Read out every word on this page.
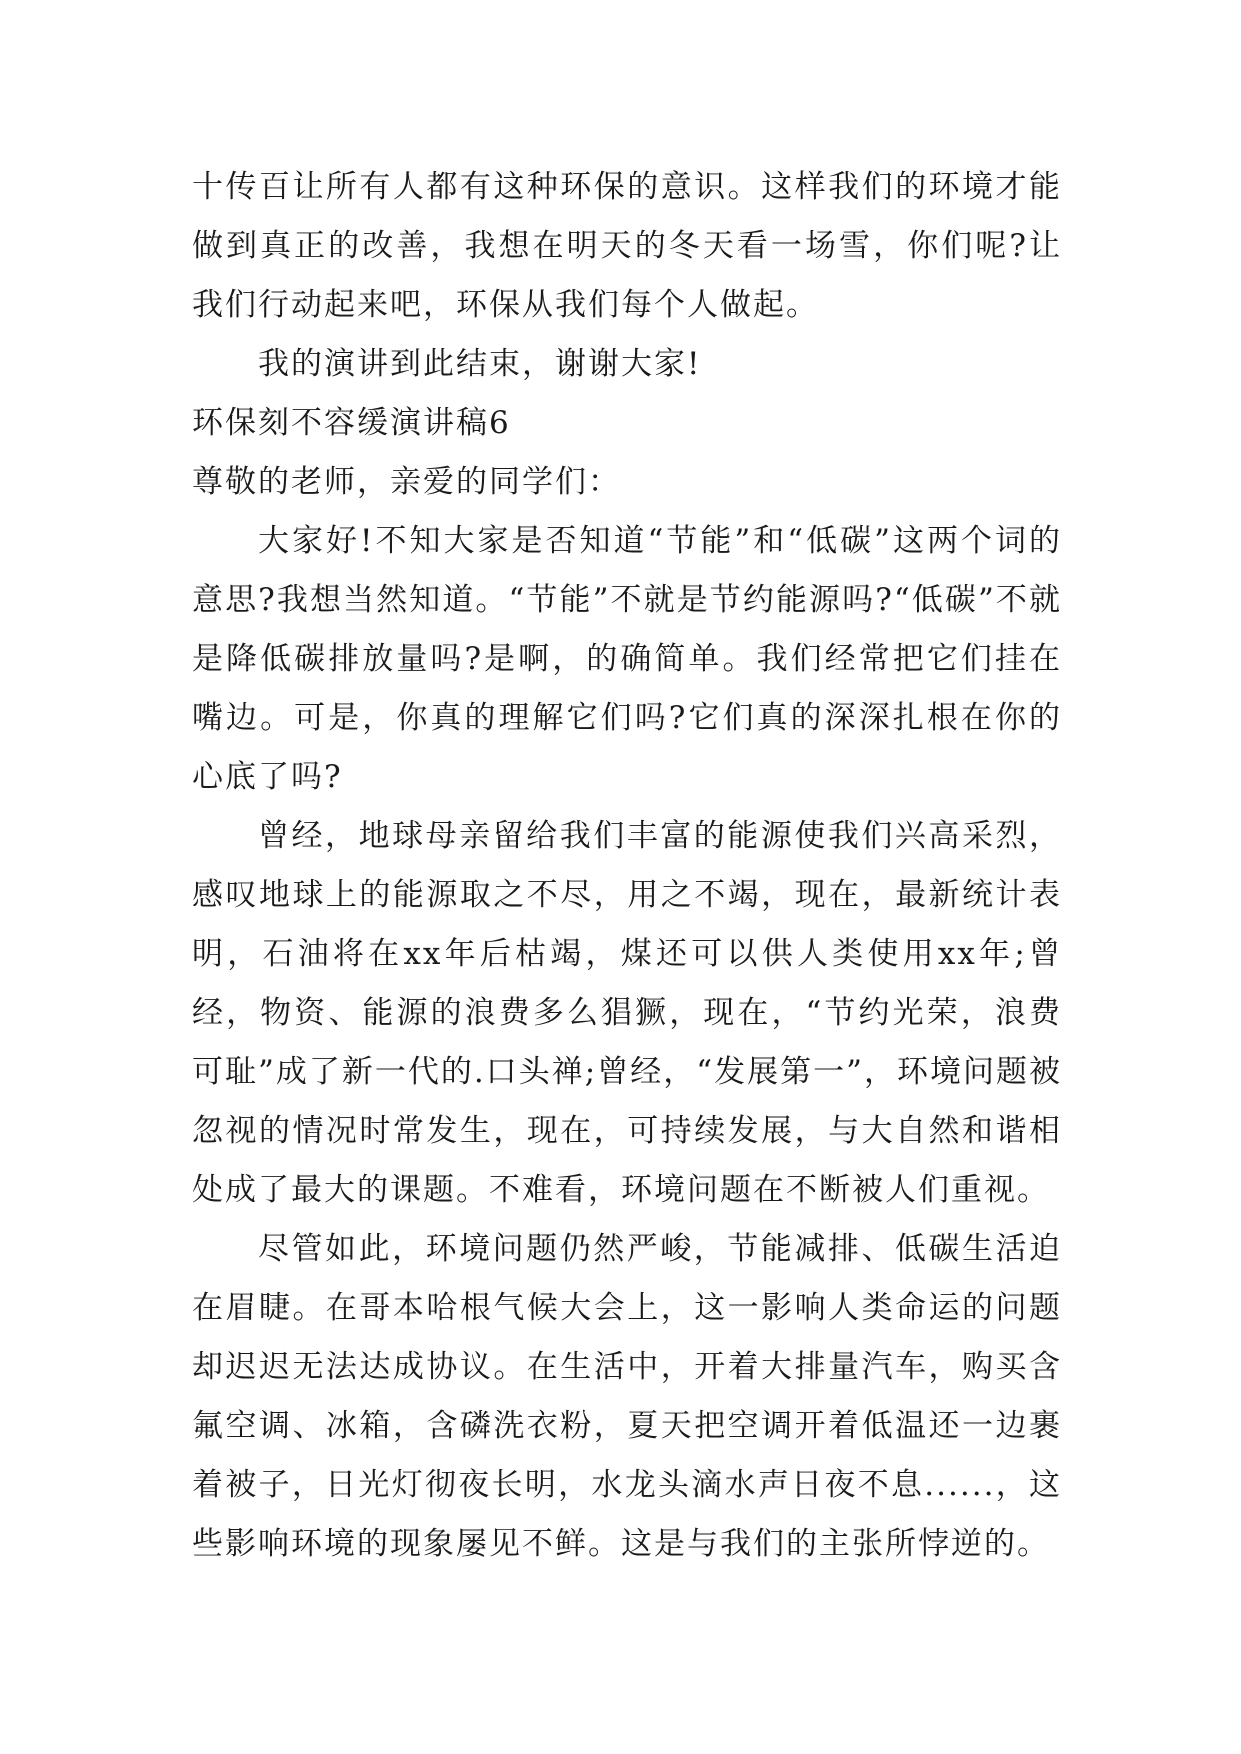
十传百让所有人都有这种环保的意识。这样我们的环境才能做到真正的改善，我想在明天的冬天看一场雪，你们呢?让我们行动起来吧，环保从我们每个人做起。

我的演讲到此结束，谢谢大家!

环保刻不容缓演讲稿6

尊敬的老师，亲爱的同学们：

大家好!不知大家是否知道“节能”和“低碳”这两个词的意思?我想当然知道。“节能”不就是节约能源吗?“低碳”不就是降低碳排放量吗?是啊，的确简单。我们经常把它们挂在嘴边。可是，你真的理解它们吗?它们真的深深扎根在你的心底了吗?

曾经，地球母亲留给我们丰富的能源使我们兴高采烈，感叹地球上的能源取之不尽，用之不竭，现在，最新统计表明，石油将在xx年后枯竭，煤还可以供人类使用xx年;曾经，物资、能源的浪费多么猖獗，现在，“节约光荣，浪费可耻”成了新一代的.口头禅;曾经，“发展第一”，环境问题被忽视的情况时常发生，现在，可持续发展，与大自然和谐相处成了最大的课题。不难看，环境问题在不断被人们重视。

尽管如此，环境问题仍然严峻，节能减排、低碳生活迫在眉睫。在哥本哈根气候大会上，这一影响人类命运的问题却迟迟无法达成协议。在生活中，开着大排量汽车，购买含氟空调、冰箱，含磷洗衣粉，夏天把空调开着低温还一边裹着被子，日光灯彻夜长明，水龙头滴水声日夜不息......，这些影响环境的现象屡见不鲜。这是与我们的主张所悖逆的。
